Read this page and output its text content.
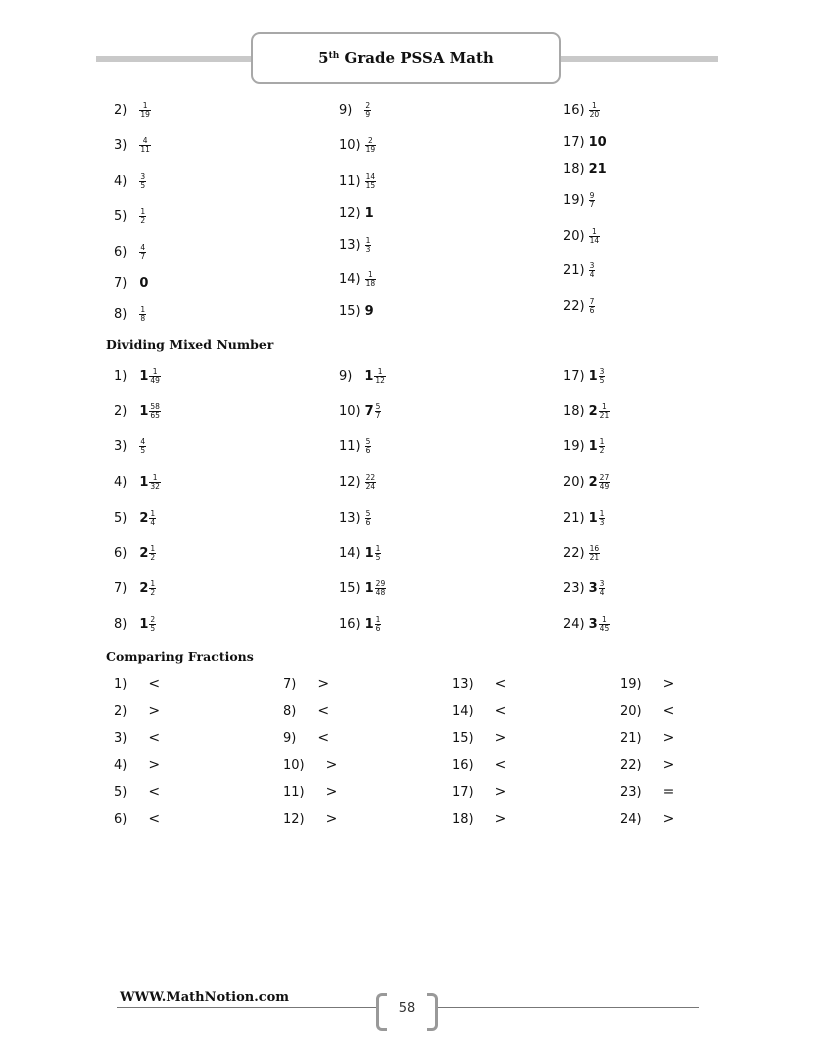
5th Grade PSSA Math
Dividing Mixed Number
Comparing Fractions
$2) \frac{1}{19}$
$3) \frac{4}{11}$
$4) \frac{3}{5}$
$5) \frac{1}{2}$
$6) \frac{4}{7}$
7) 0
$8) \frac{1}{8}$
$9) \frac{2}{9}$
$10) \frac{2}{19}$
$11) \frac{14}{15}$
12) 1
$13) \frac{1}{3}$
$14) \frac{1}{18}$
15) 9
$16) \frac{1}{20}$
17) 10
18) 21
$19) \frac{9}{7}$
$20) \frac{1}{14}$
$21) \frac{3}{4}$
$22) \frac{7}{6}$
1) $1 \frac{1}{49}$
2) $1 \frac{58}{65}$
$3) \frac{4}{5}$
4) $1 \frac{1}{32}$
5) $2 \frac{1}{4}$
6) $2 \frac{1}{2}$
7) $2 \frac{1}{2}$
8) $1 \frac{2}{5}$
9) $1 \frac{1}{12}$
10) $7 \frac{5}{7}$
$11) \frac{5}{6}$
$12) \frac{22}{24}$
$13) \frac{5}{6}$
14) $1 \frac{1}{5}$
15) $1 \frac{29}{48}$
16) $1 \frac{1}{6}$
17) $1 \frac{3}{5}$
18) $2 \frac{1}{21}$
19) $1 \frac{1}{2}$
20) $2 \frac{27}{49}$
21) $1 \frac{1}{3}$
$22) \frac{16}{21}$
23) $3 \frac{3}{4}$
24) $3 \frac{1}{45}$
1) <
2) >
3) <
4) >
5) <
6) <
7) >
8) <
9) <
10) >
11) >
12) >
13) <
14) <
15) >
16) <
17) >
18) >
19) >
20) <
21) >
22) >
23) =
24) >
WWW.MathNotion.com
58
